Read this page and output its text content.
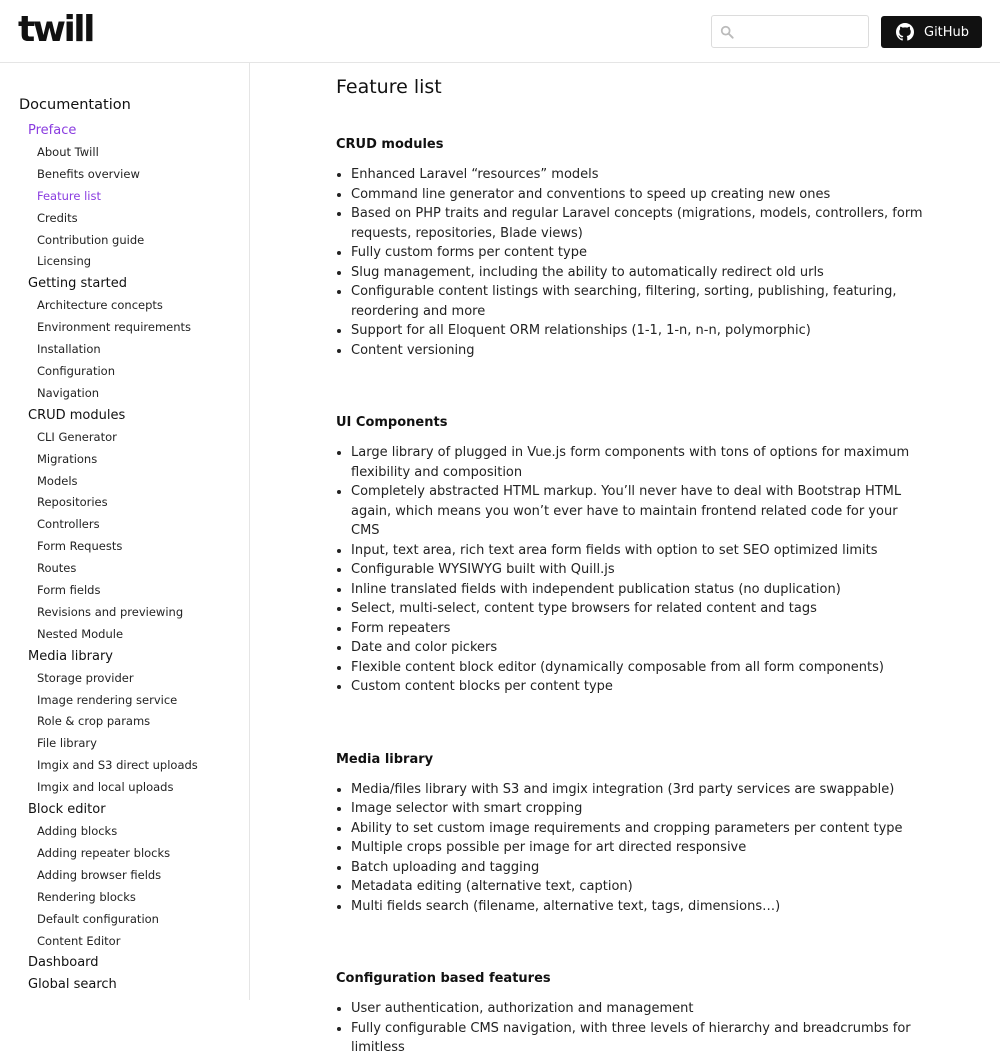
twill	GitHub
Documentation
Preface
About Twill
Benefits overview
Feature list
Credits
Contribution guide
Licensing
Getting started
Architecture concepts
Environment requirements
Installation
Configuration
Navigation
CRUD modules
CLI Generator
Migrations
Models
Repositories
Controllers
Form Requests
Routes
Form fields
Revisions and previewing
Nested Module
Media library
Storage provider
Image rendering service
Role & crop params
File library
Imgix and S3 direct uploads
Imgix and local uploads
Block editor
Adding blocks
Adding repeater blocks
Adding browser fields
Rendering blocks
Default configuration
Content Editor
Dashboard
Global search
Feature list
CRUD modules
• Enhanced Laravel “resources” models
• Command line generator and conventions to speed up creating new ones
• Based on PHP traits and regular Laravel concepts (migrations, models, controllers, form requests, repositories, Blade views)
• Fully custom forms per content type
• Slug management, including the ability to automatically redirect old urls
• Configurable content listings with searching, filtering, sorting, publishing, featuring, reordering and more
• Support for all Eloquent ORM relationships (1-1, 1-n, n-n, polymorphic)
• Content versioning
UI Components
• Large library of plugged in Vue.js form components with tons of options for maximum flexibility and composition
• Completely abstracted HTML markup. You’ll never have to deal with Bootstrap HTML again, which means you won’t ever have to maintain frontend related code for your CMS
• Input, text area, rich text area form fields with option to set SEO optimized limits
• Configurable WYSIWYG built with Quill.js
• Inline translated fields with independent publication status (no duplication)
• Select, multi-select, content type browsers for related content and tags
• Form repeaters
• Date and color pickers
• Flexible content block editor (dynamically composable from all form components)
• Custom content blocks per content type
Media library
• Media/files library with S3 and imgix integration (3rd party services are swappable)
• Image selector with smart cropping
• Ability to set custom image requirements and cropping parameters per content type
• Multiple crops possible per image for art directed responsive
• Batch uploading and tagging
• Metadata editing (alternative text, caption)
• Multi fields search (filename, alternative text, tags, dimensions…)
Configuration based features
• User authentication, authorization and management
• Fully configurable CMS navigation, with three levels of hierarchy and breadcrumbs for limitless
